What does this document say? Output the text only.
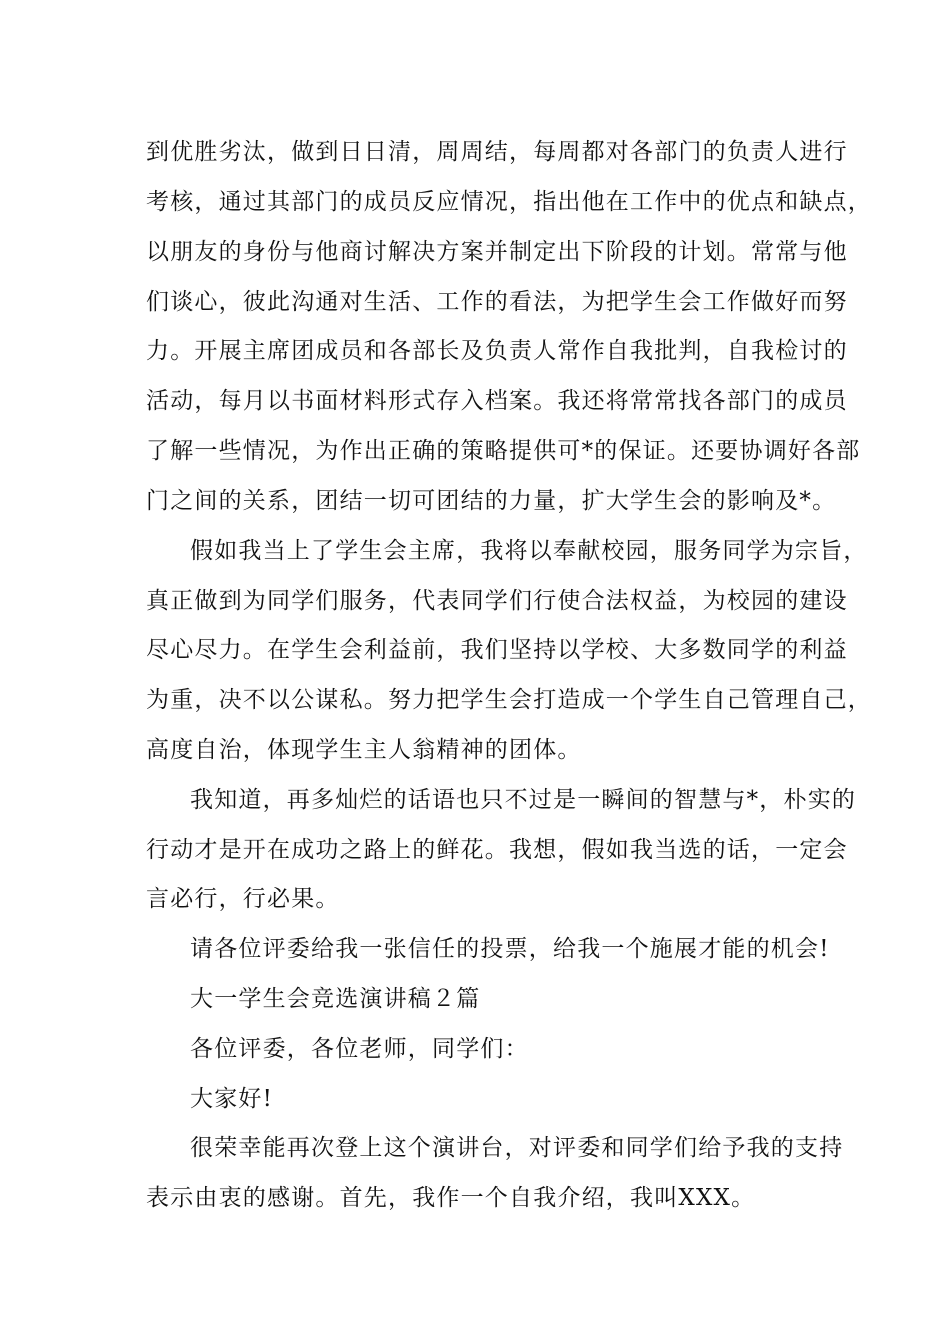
到优胜劣汰，做到日日清，周周结，每周都对各部门的负责人进行
考核，通过其部门的成员反应情况，指出他在工作中的优点和缺点，
以朋友的身份与他商讨解决方案并制定出下阶段的计划。常常与他
们谈心，彼此沟通对生活、工作的看法，为把学生会工作做好而努
力。开展主席团成员和各部长及负责人常作自我批判，自我检讨的
活动，每月以书面材料形式存入档案。我还将常常找各部门的成员
了解一些情况，为作出正确的策略提供可*的保证。还要协调好各部
门之间的关系，团结一切可团结的力量，扩大学生会的影响及*。
假如我当上了学生会主席，我将以奉献校园，服务同学为宗旨，
真正做到为同学们服务，代表同学们行使合法权益，为校园的建设
尽心尽力。在学生会利益前，我们坚持以学校、大多数同学的利益
为重，决不以公谋私。努力把学生会打造成一个学生自己管理自己，
高度自治，体现学生主人翁精神的团体。
我知道，再多灿烂的话语也只不过是一瞬间的智慧与*，朴实的
行动才是开在成功之路上的鲜花。我想，假如我当选的话，一定会
言必行，行必果。
请各位评委给我一张信任的投票，给我一个施展才能的机会!
大一学生会竞选演讲稿２篇
各位评委，各位老师，同学们：
大家好!
很荣幸能再次登上这个演讲台，对评委和同学们给予我的支持
表示由衷的感谢。首先，我作一个自我介绍，我叫XXX。
